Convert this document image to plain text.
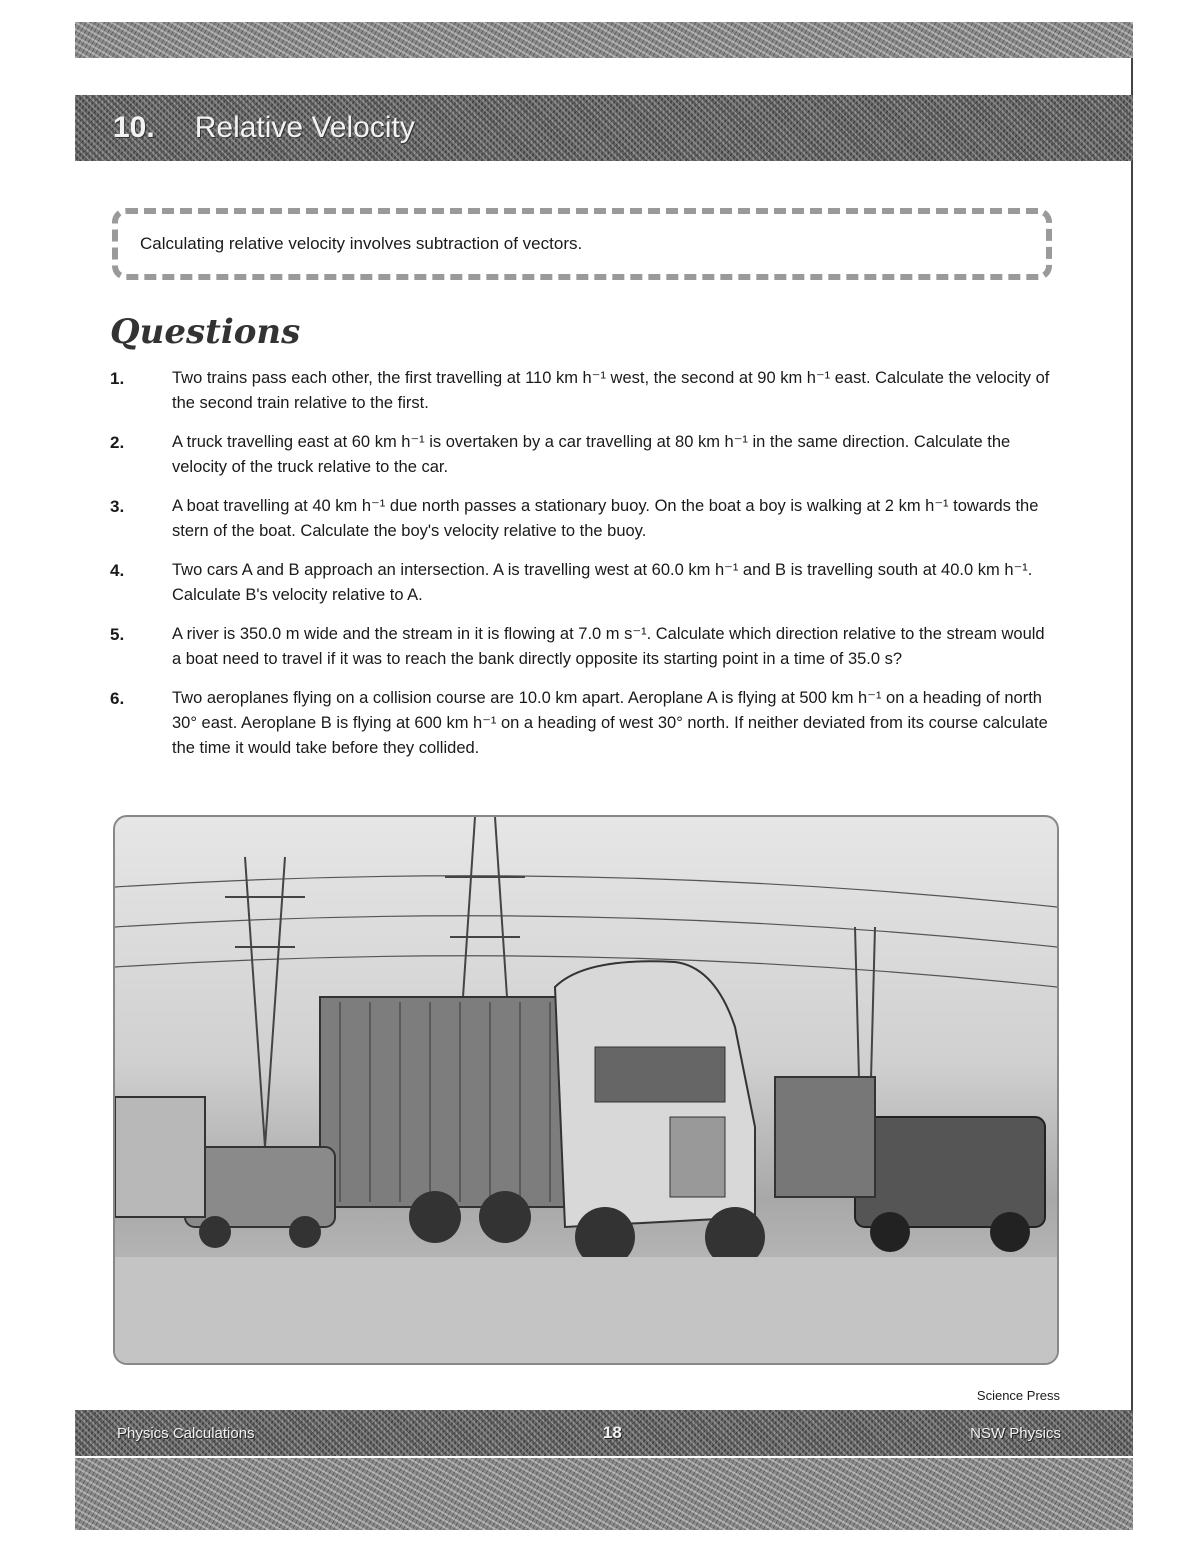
10. Relative Velocity
Calculating relative velocity involves subtraction of vectors.
Questions
1.	Two trains pass each other, the first travelling at 110 km h⁻¹ west, the second at 90 km h⁻¹ east. Calculate the velocity of the second train relative to the first.
2.	A truck travelling east at 60 km h⁻¹ is overtaken by a car travelling at 80 km h⁻¹ in the same direction. Calculate the velocity of the truck relative to the car.
3.	A boat travelling at 40 km h⁻¹ due north passes a stationary buoy. On the boat a boy is walking at 2 km h⁻¹ towards the stern of the boat. Calculate the boy's velocity relative to the buoy.
4.	Two cars A and B approach an intersection. A is travelling west at 60.0 km h⁻¹ and B is travelling south at 40.0 km h⁻¹. Calculate B's velocity relative to A.
5.	A river is 350.0 m wide and the stream in it is flowing at 7.0 m s⁻¹. Calculate which direction relative to the stream would a boat need to travel if it was to reach the bank directly opposite its starting point in a time of 35.0 s?
6.	Two aeroplanes flying on a collision course are 10.0 km apart. Aeroplane A is flying at 500 km h⁻¹ on a heading of north 30° east. Aeroplane B is flying at 600 km h⁻¹ on a heading of west 30° north. If neither deviated from its course calculate the time it would take before they collided.
Science Press
Physics Calculations	18	NSW Physics
